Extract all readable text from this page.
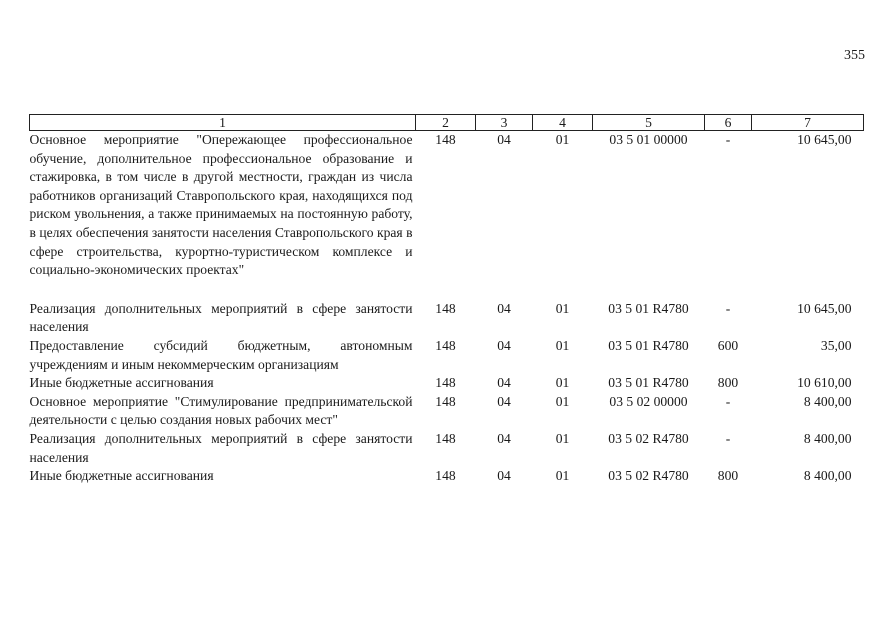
355
1	2	3	4	5	6	7
Основное мероприятие "Опережающее профессиональное обучение, дополнительное профессиональное образование и стажировка, в том числе в другой местности, граждан из числа работников организаций Ставропольского края, находящихся под риском увольнения, а также принимаемых на постоянную работу, в целях обеспечения занятости населения Ставропольского края в сфере строительства, курортно-туристическом комплексе и социально-экономических проектах"	148	04	01	03 5 01 00000	-	10 645,00

Реализация дополнительных мероприятий в сфере занятости населения	148	04	01	03 5 01 R4780	-	10 645,00
Предоставление субсидий бюджетным, автономным учреждениям и иным некоммерческим организациям	148	04	01	03 5 01 R4780	600	35,00
Иные бюджетные ассигнования	148	04	01	03 5 01 R4780	800	10 610,00
Основное мероприятие "Стимулирование предпринимательской деятельности с целью создания новых рабочих мест"	148	04	01	03 5 02 00000	-	8 400,00
Реализация дополнительных мероприятий в сфере занятости населения	148	04	01	03 5 02 R4780	-	8 400,00
Иные бюджетные ассигнования	148	04	01	03 5 02 R4780	800	8 400,00
